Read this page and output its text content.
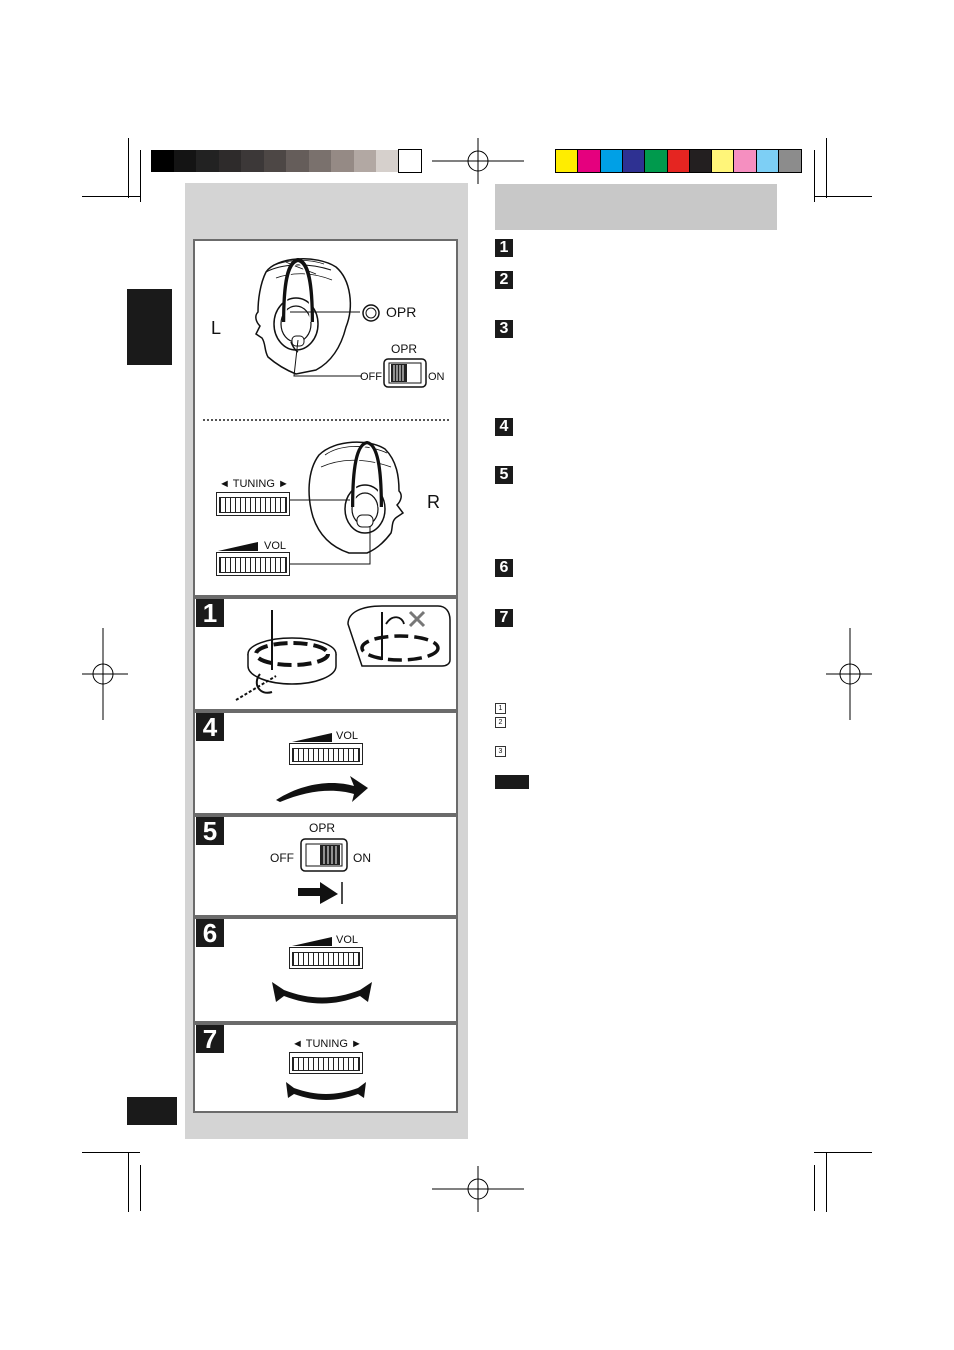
L
OPR
OPR
OFF	ON
R
◄ TUNING ►
VOL
1
4	VOL
5	OPR
OFF	ON
6	VOL
7	◄ TUNING ►
1
2
3
4
5
6
7
1
2
3
